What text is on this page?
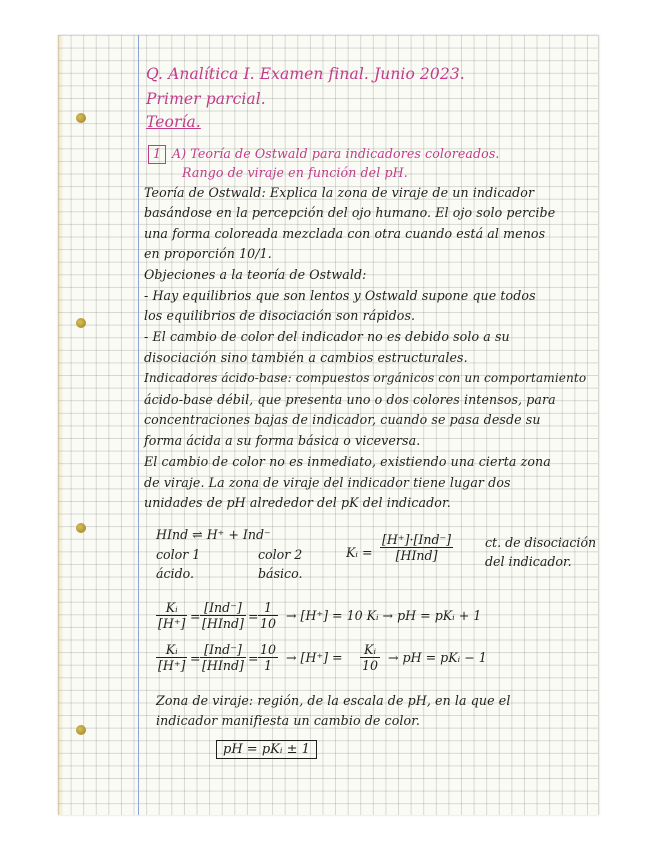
Q. Analítica I. Examen final. Junio 2023.
Primer parcial.
Teoría.
1 A) Teoría de Ostwald para indicadores coloreados.
Rango de viraje en función del pH.
Teoría de Ostwald: Explica la zona de viraje de un indicador
basándose en la percepción del ojo humano. El ojo solo percibe
una forma coloreada mezclada con otra cuando está al menos
en proporción 10/1.
Objeciones a la teoría de Ostwald:
- Hay equilibrios que son lentos y Ostwald supone que todos
los equilibrios de disociación son rápidos.
- El cambio de color del indicador no es debido solo a su
disociación sino también a cambios estructurales.
Indicadores ácido-base: compuestos orgánicos con un comportamiento
ácido-base débil, que presenta uno o dos colores intensos, para
concentraciones bajas de indicador, cuando se pasa desde su
forma ácida a su forma básica o viceversa.
El cambio de color no es inmediato, existiendo una cierta zona
de viraje. La zona de viraje del indicador tiene lugar dos
unidades de pH alrededor del pK del indicador.
HInd ⇌ H⁺ + Ind⁻
color 1
ácido.
color 2
básico.
Kᵢ =
[H⁺]·[Ind⁻]
[HInd]
ct. de disociación
del indicador.
$\frac{\text{Kᵢ}}{[H^+]}$ =
[Ind⁻]
[HInd] = $\frac{1}{10} \to [H^+] = 10$ Kᵢ → pH = pKᵢ + 1
$\frac{\text{Kᵢ}}{[H^+]}$ =
[Ind⁻]
[HInd] = $\frac{10}{1} \to [H^+] = \frac{\text{Kᵢ}}{10}$ → pH = pKᵢ − 1
Zona de viraje: región, de la escala de pH, en la que el
indicador manifiesta un cambio de color.
pH = pKᵢ ± 1
